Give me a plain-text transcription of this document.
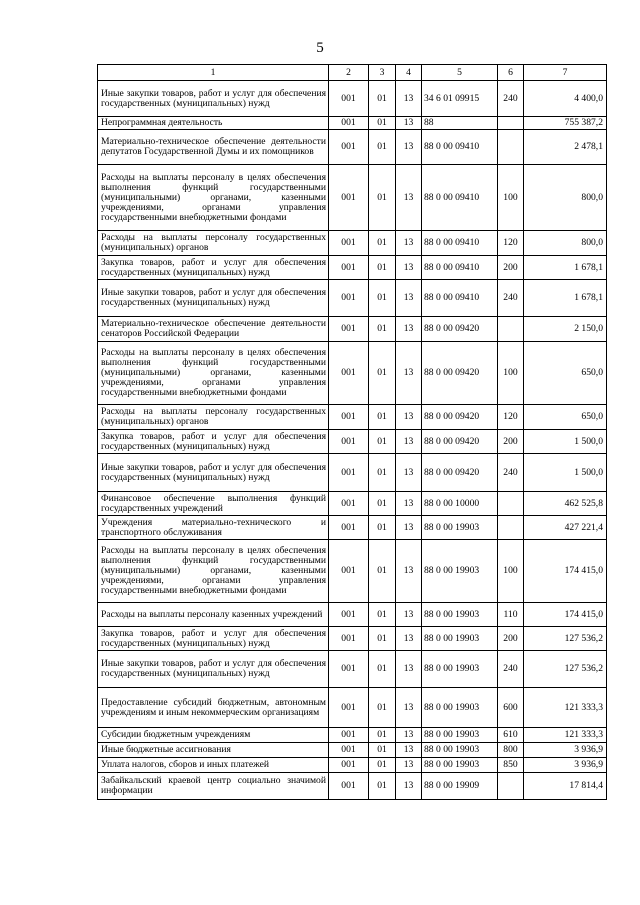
5
1	2	3	4	5	6	7
Иные закупки товаров, работ и услуг для обеспечения государственных (муниципальных) нужд	001	01	13	34 6 01 09915	240	4 400,0
Непрограммная деятельность	001	01	13	88		755 387,2
Материально-техническое обеспечение деятельности депутатов Государственной Думы и их помощников	001	01	13	88 0 00 09410		2 478,1
Расходы на выплаты персоналу в целях обеспечения выполнения функций государственными (муниципальными) органами, казенными учреждениями, органами управления государственными внебюджетными фондами	001	01	13	88 0 00 09410	100	800,0
Расходы на выплаты персоналу государственных (муниципальных) органов	001	01	13	88 0 00 09410	120	800,0
Закупка товаров, работ и услуг для обеспечения государственных (муниципальных) нужд	001	01	13	88 0 00 09410	200	1 678,1
Иные закупки товаров, работ и услуг для обеспечения государственных (муниципальных) нужд	001	01	13	88 0 00 09410	240	1 678,1
Материально-техническое обеспечение деятельности сенаторов Российской Федерации	001	01	13	88 0 00 09420		2 150,0
Расходы на выплаты персоналу в целях обеспечения выполнения функций государственными (муниципальными) органами, казенными учреждениями, органами управления государственными внебюджетными фондами	001	01	13	88 0 00 09420	100	650,0
Расходы на выплаты персоналу государственных (муниципальных) органов	001	01	13	88 0 00 09420	120	650,0
Закупка товаров, работ и услуг для обеспечения государственных (муниципальных) нужд	001	01	13	88 0 00 09420	200	1 500,0
Иные закупки товаров, работ и услуг для обеспечения государственных (муниципальных) нужд	001	01	13	88 0 00 09420	240	1 500,0
Финансовое обеспечение выполнения функций государственных учреждений	001	01	13	88 0 00 10000		462 525,8
Учреждения материально-технического и транспортного обслуживания	001	01	13	88 0 00 19903		427 221,4
Расходы на выплаты персоналу в целях обеспечения выполнения функций государственными (муниципальными) органами, казенными учреждениями, органами управления государственными внебюджетными фондами	001	01	13	88 0 00 19903	100	174 415,0
Расходы на выплаты персоналу казенных учреждений	001	01	13	88 0 00 19903	110	174 415,0
Закупка товаров, работ и услуг для обеспечения государственных (муниципальных) нужд	001	01	13	88 0 00 19903	200	127 536,2
Иные закупки товаров, работ и услуг для обеспечения государственных (муниципальных) нужд	001	01	13	88 0 00 19903	240	127 536,2
Предоставление субсидий бюджетным, автономным учреждениям и иным некоммерческим организациям	001	01	13	88 0 00 19903	600	121 333,3
Субсидии бюджетным учреждениям	001	01	13	88 0 00 19903	610	121 333,3
Иные бюджетные ассигнования	001	01	13	88 0 00 19903	800	3 936,9
Уплата налогов, сборов и иных платежей	001	01	13	88 0 00 19903	850	3 936,9
Забайкальский краевой центр социально значимой информации	001	01	13	88 0 00 19909		17 814,4
